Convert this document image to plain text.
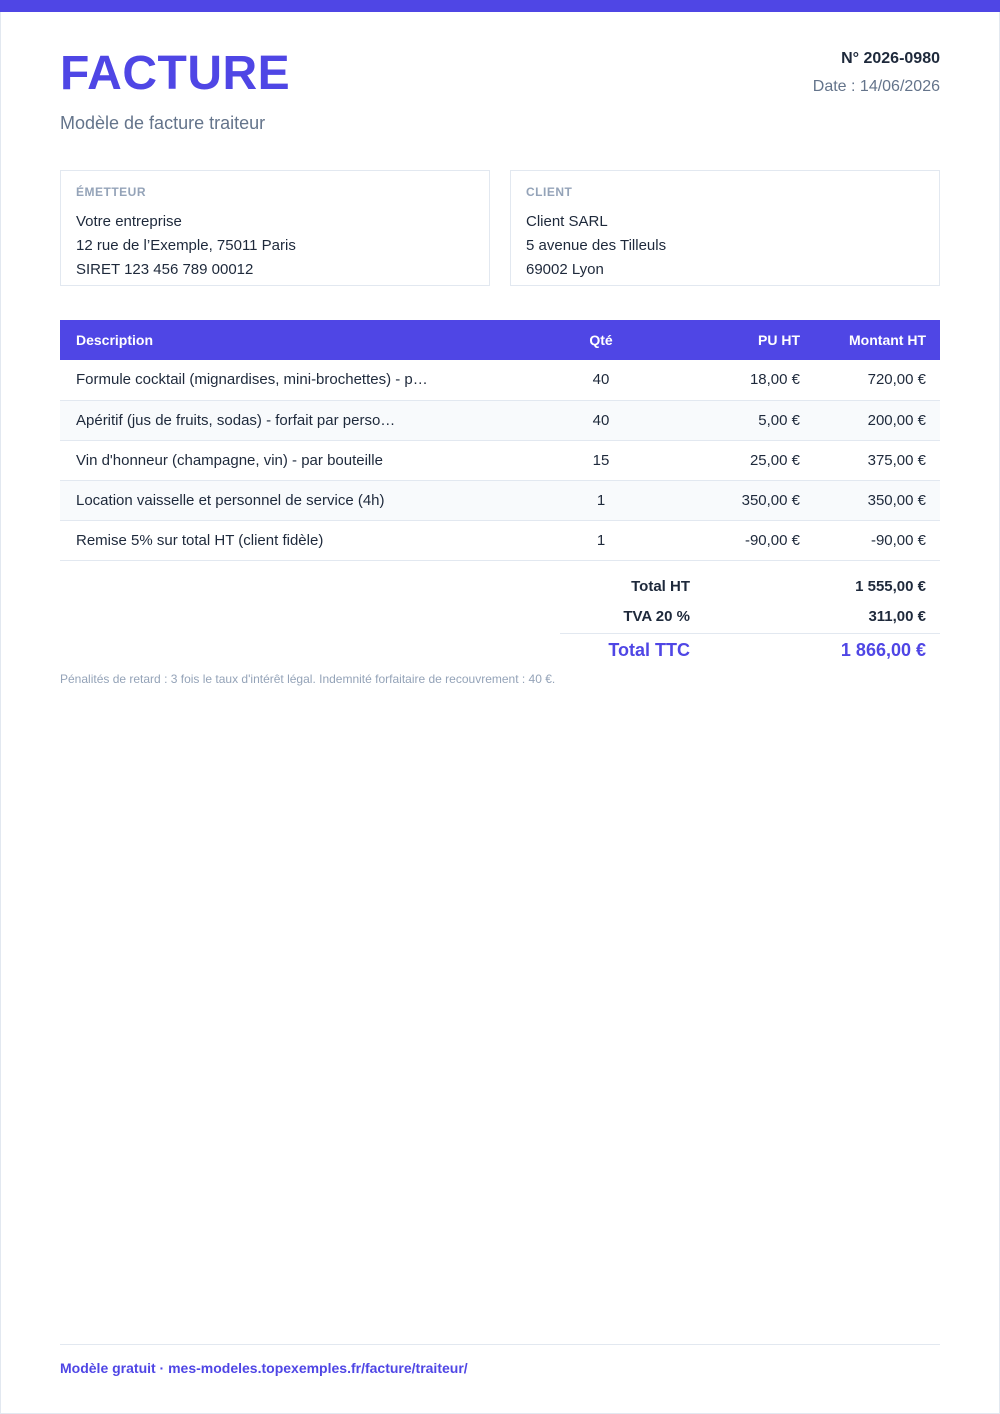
FACTURE
Modèle de facture traiteur
N° 2026-0980
Date : 14/06/2026
ÉMETTEUR
Votre entreprise
12 rue de l’Exemple, 75011 Paris
SIRET 123 456 789 00012
CLIENT
Client SARL
5 avenue des Tilleuls
69002 Lyon
Description	Qté	PU HT	Montant HT
Formule cocktail (mignardises, mini-brochettes) - p…	40	18,00 €	720,00 €
Apéritif (jus de fruits, sodas) - forfait par perso…	40	5,00 €	200,00 €
Vin d'honneur (champagne, vin) - par bouteille	15	25,00 €	375,00 €
Location vaisselle et personnel de service (4h)	1	350,00 €	350,00 €
Remise 5% sur total HT (client fidèle)	1	-90,00 €	-90,00 €
Total HT	1 555,00 €
TVA 20 %	311,00 €
Total TTC	1 866,00 €
Pénalités de retard : 3 fois le taux d'intérêt légal. Indemnité forfaitaire de recouvrement : 40 €.
Modèle gratuit · mes-modeles.topexemples.fr/facture/traiteur/
